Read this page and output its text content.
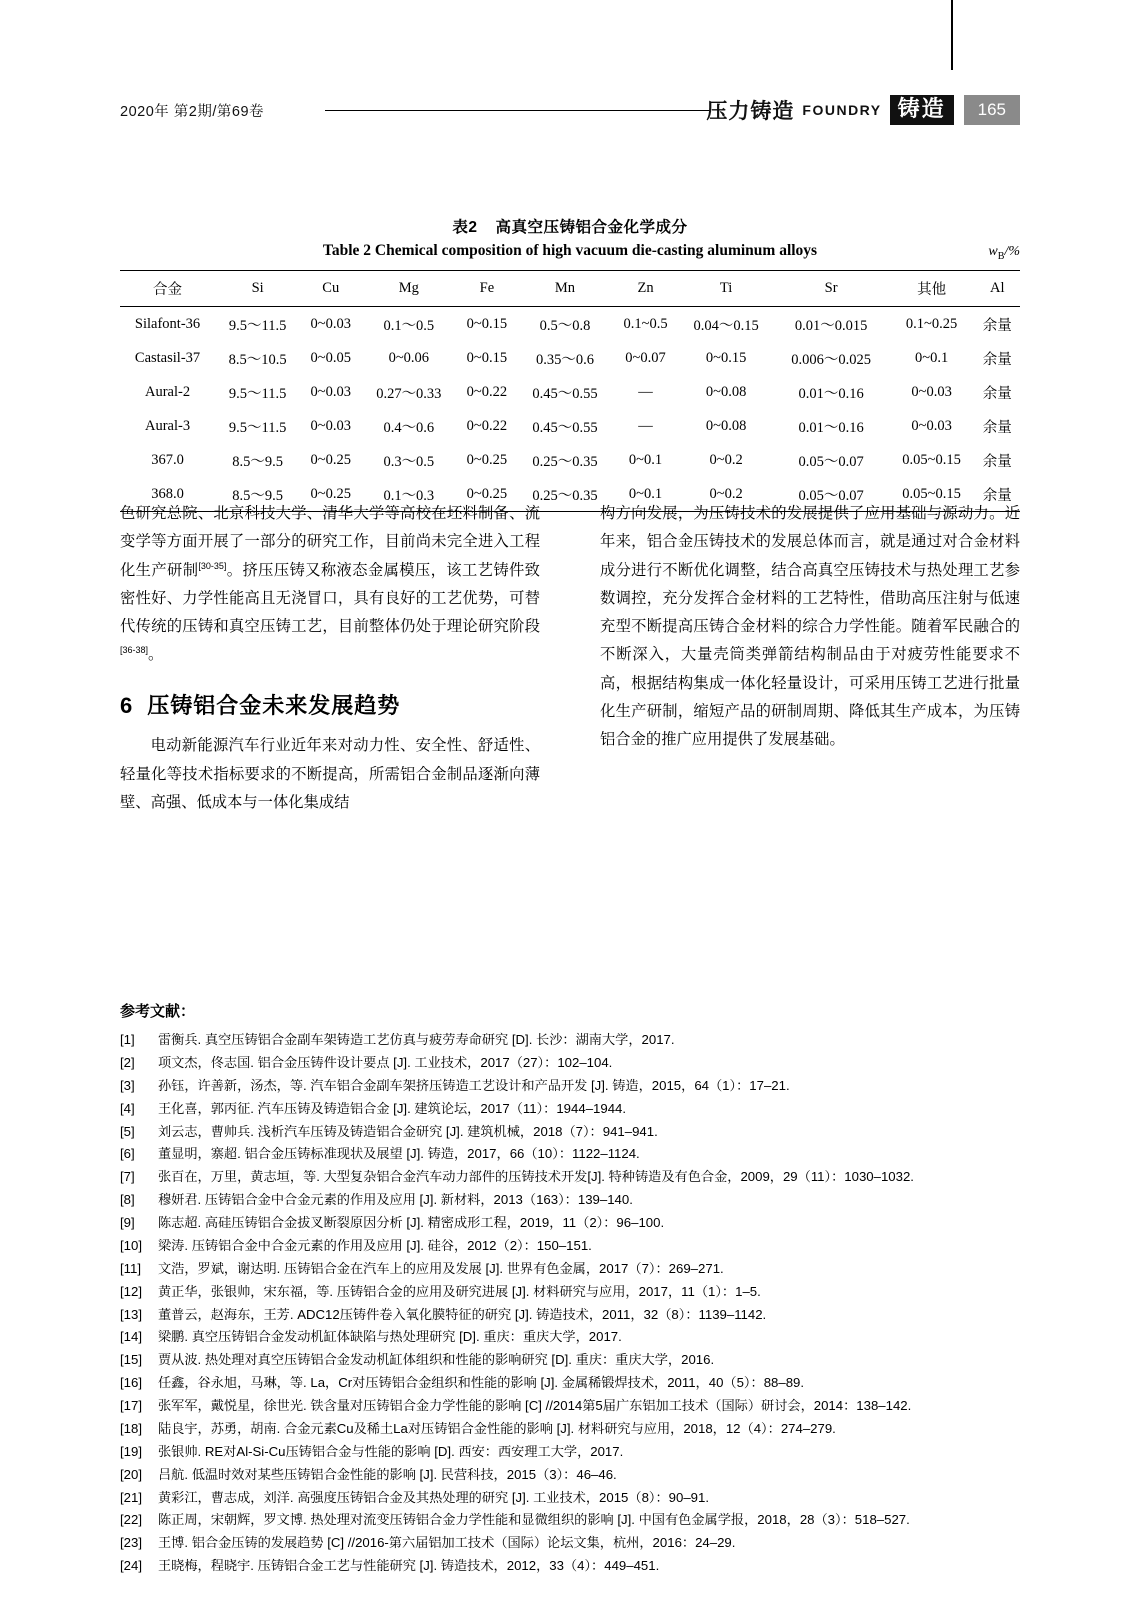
2020年 第2期/第69卷	压力铸造 FOUNDRY 铸造	165
表2 高真空压铸铝合金化学成分
Table 2 Chemical composition of high vacuum die-casting aluminum alloys	$w_B/\%$
合金	Si	Cu	Mg	Fe	Mn	Zn	Ti	Sr	其他	Al
Silafont-36	9.5～11.5	0~0.03	0.1～0.5	0~0.15	0.5～0.8	0.1~0.5	0.04～0.15	0.01～0.015	0.1~0.25	余量
Castasil-37	8.5～10.5	0~0.05	0~0.06	0~0.15	0.35～0.6	0~0.07	0~0.15	0.006～0.025	0~0.1	余量
Aural-2	9.5～11.5	0~0.03	0.27～0.33	0~0.22	0.45～0.55	—	0~0.08	0.01～0.16	0~0.03	余量
Aural-3	9.5～11.5	0~0.03	0.4～0.6	0~0.22	0.45～0.55	—	0~0.08	0.01～0.16	0~0.03	余量
367.0	8.5～9.5	0~0.25	0.3～0.5	0~0.25	0.25～0.35	0~0.1	0~0.2	0.05～0.07	0.05~0.15	余量
368.0	8.5～9.5	0~0.25	0.1～0.3	0~0.25	0.25～0.35	0~0.1	0~0.2	0.05～0.07	0.05~0.15	余量

色研究总院、北京科技大学、清华大学等高校在坯料制备、流变学等方面开展了一部分的研究工作，目前尚未完全进入工程化生产研制[30-35]。挤压压铸又称液态金属模压，该工艺铸件致密性好、力学性能高且无浇冒口，具有良好的工艺优势，可替代传统的压铸和真空压铸工艺，目前整体仍处于理论研究阶段[36-38]。

6 压铸铝合金未来发展趋势

电动新能源汽车行业近年来对动力性、安全性、舒适性、轻量化等技术指标要求的不断提高，所需铝合金制品逐渐向薄壁、高强、低成本与一体化集成结

构方向发展，为压铸技术的发展提供了应用基础与源动力。近年来，铝合金压铸技术的发展总体而言，就是通过对合金材料成分进行不断优化调整，结合高真空压铸技术与热处理工艺参数调控，充分发挥合金材料的工艺特性，借助高压注射与低速充型不断提高压铸合金材料的综合力学性能。随着军民融合的不断深入，大量壳筒类弹箭结构制品由于对疲劳性能要求不高，根据结构集成一体化轻量设计，可采用压铸工艺进行批量化生产研制，缩短产品的研制周期、降低其生产成本，为压铸铝合金的推广应用提供了发展基础。

参考文献：
[1]	雷衡兵. 真空压铸铝合金副车架铸造工艺仿真与疲劳寿命研究 [D]. 长沙：湖南大学，2017.
[2]	项文杰，佟志国. 铝合金压铸件设计要点 [J]. 工业技术，2017（27）：102–104.
[3]	孙钰，许善新，汤杰，等. 汽车铝合金副车架挤压铸造工艺设计和产品开发 [J]. 铸造，2015，64（1）：17–21.
[4]	王化喜，郭丙征. 汽车压铸及铸造铝合金 [J]. 建筑论坛，2017（11）：1944–1944.
[5]	刘云志，曹帅兵. 浅析汽车压铸及铸造铝合金研究 [J]. 建筑机械，2018（7）：941–941.
[6]	董显明，寨超. 铝合金压铸标准现状及展望 [J]. 铸造，2017，66（10）：1122–1124.
[7]	张百在，万里，黄志垣，等. 大型复杂铝合金汽车动力部件的压铸技术开发[J]. 特种铸造及有色合金，2009，29（11）：1030–1032.
[8]	穆妍君. 压铸铝合金中合金元素的作用及应用 [J]. 新材料，2013（163）：139–140.
[9]	陈志超. 高硅压铸铝合金拔叉断裂原因分析 [J]. 精密成形工程，2019，11（2）：96–100.
[10]	梁涛. 压铸铝合金中合金元素的作用及应用 [J]. 硅谷，2012（2）：150–151.
[11]	文浩，罗斌，谢达明. 压铸铝合金在汽车上的应用及发展 [J]. 世界有色金属，2017（7）：269–271.
[12]	黄正华，张银帅，宋东福，等. 压铸铝合金的应用及研究进展 [J]. 材料研究与应用，2017，11（1）：1–5.
[13]	董普云，赵海东，王芳. ADC12压铸件卷入氧化膜特征的研究 [J]. 铸造技术，2011，32（8）：1139–1142.
[14]	梁鹏. 真空压铸铝合金发动机缸体缺陷与热处理研究 [D]. 重庆：重庆大学，2017.
[15]	贾从波. 热处理对真空压铸铝合金发动机缸体组织和性能的影响研究 [D]. 重庆：重庆大学，2016.
[16]	任鑫，谷永旭，马琳，等. La，Cr对压铸铝合金组织和性能的影响 [J]. 金属稀锻焊技术，2011，40（5）：88–89.
[17]	张军军，戴悦星，徐世光. 铁含量对压铸铝合金力学性能的影响 [C] //2014第5届广东铝加工技术（国际）研讨会，2014：138–142.
[18]	陆良宇，苏勇，胡南. 合金元素Cu及稀土La对压铸铝合金性能的影响 [J]. 材料研究与应用，2018，12（4）：274–279.
[19]	张银帅. RE对Al-Si-Cu压铸铝合金与性能的影响 [D]. 西安：西安理工大学，2017.
[20]	吕航. 低温时效对某些压铸铝合金性能的影响 [J]. 民营科技，2015（3）：46–46.
[21]	黄彩江，曹志成，刘洋. 高强度压铸铝合金及其热处理的研究 [J]. 工业技术，2015（8）：90–91.
[22]	陈正周，宋朝辉，罗文博. 热处理对流变压铸铝合金力学性能和显微组织的影响 [J]. 中国有色金属学报，2018，28（3）：518–527.
[23]	王博. 铝合金压铸的发展趋势 [C] //2016-第六届铝加工技术（国际）论坛文集，杭州，2016：24–29.
[24]	王晓梅，程晓宇. 压铸铝合金工艺与性能研究 [J]. 铸造技术，2012，33（4）：449–451.
